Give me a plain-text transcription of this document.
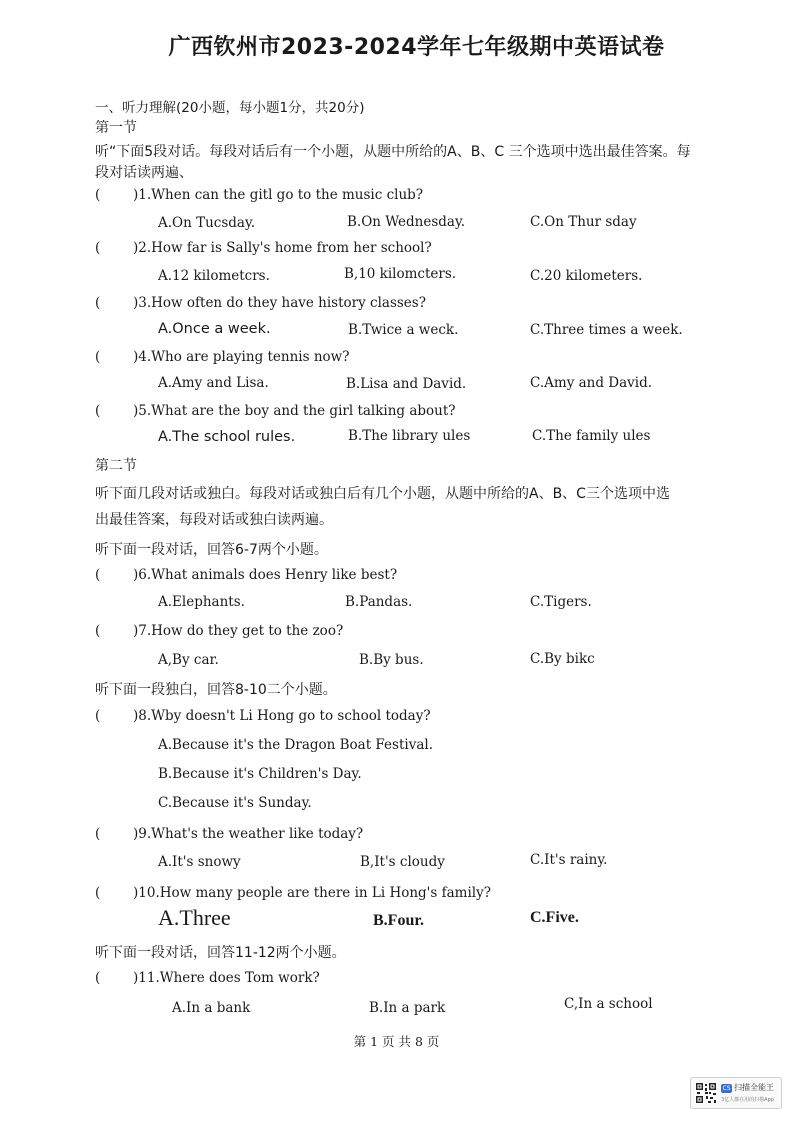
广西钦州市2023-2024学年七年级期中英语试卷
一、听力理解(20小题，每小题1分，共20分)
第一节
听“下面5段对话。每段对话后有一个小题，从题中所给的A、B、C 三个选项中选出最佳答案。每
段对话读两遍、
( )1.When can the gitl go to the music club?
A.On Tucsday.	B.On Wednesday.	C.On Thur sday
( )2.How far is Sally's home from her school?
A.12 kilometcrs.	B,10 kilomcters.	C.20 kilometers.
( )3.How often do they have history classes?
A.Once a week.	B.Twice a weck.	C.Three times a week.
( )4.Who are playing tennis now?
A.Amy and Lisa.	B.Lisa and David.	C.Amy and David.
( )5.What are the boy and the girl talking about?
A.The school rules.	B.The library ules	C.The family ules
第二节
听下面几段对话或独白。每段对话或独白后有几个小题，从题中所给的A、B、C三个选项中选
出最佳答案，每段对话或独白读两遍。
听下面一段对话，回答6-7两个小题。
( )6.What animals does Henry like best?
A.Elephants.	B.Pandas.	C.Tigers.
( )7.How do they get to the zoo?
A,By car.	B.By bus.	C.By bikc
听下面一段独白，回答8-10二个小题。
( )8.Wby doesn't Li Hong go to school today?
A.Because it's the Dragon Boat Festival.
B.Because it's Children's Day.
C.Because it's Sunday.
( )9.What's the weather like today?
A.It's snowy	B,It's cloudy	C.It's rainy.
( )10.How many people are there in Li Hong's family?
A.Three	B.Four.	C.Five.
听下面一段对话，回答11-12两个小题。
( )11.Where does Tom work?
A.In a bank	B.In a park	C,In a school
第 1 页 共 8 页
CS 扫描全能王
3亿人都在用的扫描App
